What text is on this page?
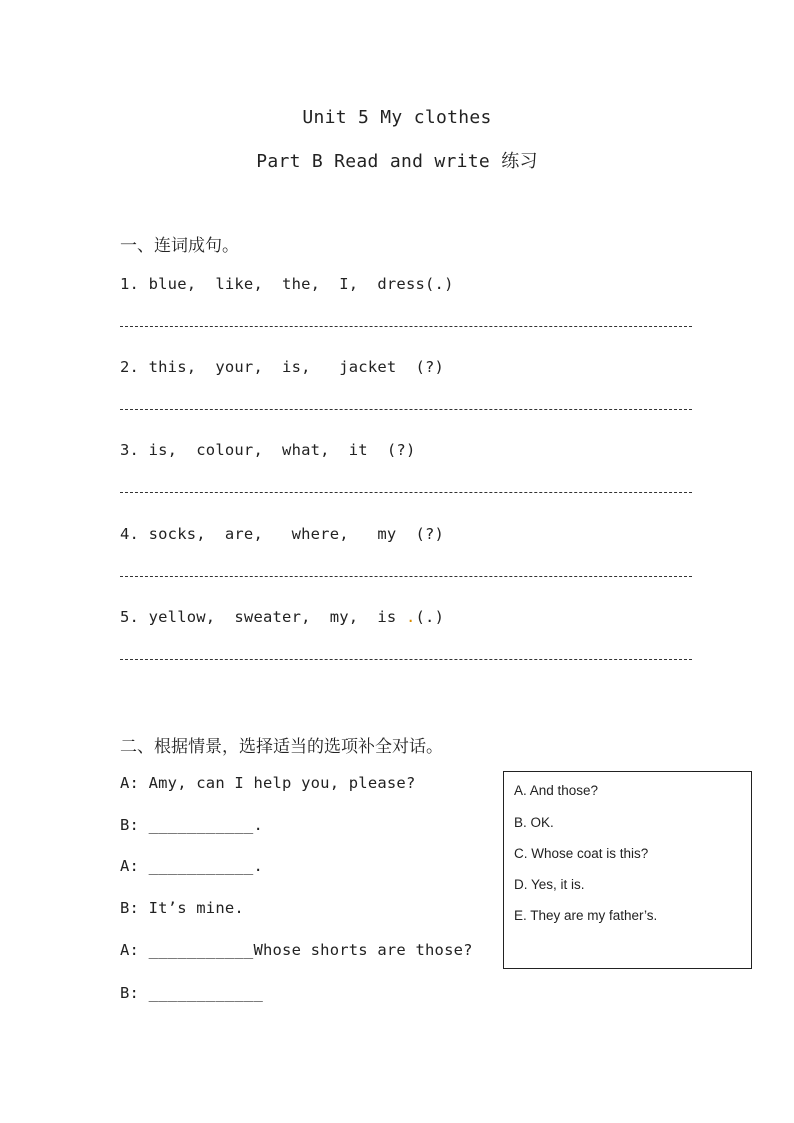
Unit 5 My clothes
Part B Read and write 练习
一、连词成句。
1. blue,  like,  the,  I,  dress(.)
2. this,  your,  is,   jacket  (?)
3. is,  colour,  what,  it  (?)
4. socks,  are,   where,   my  (?)
5. yellow,  sweater,  my,  is .(.)
二、根据情景，选择适当的选项补全对话。
A: Amy, can I help you, please?
B: ___________.
A: ___________.
B: It’s mine.
A: ___________Whose shorts are those?
B: ____________
A. And those?
B. OK.
C. Whose coat is this?
D. Yes, it is.
E. They are my father’s.
